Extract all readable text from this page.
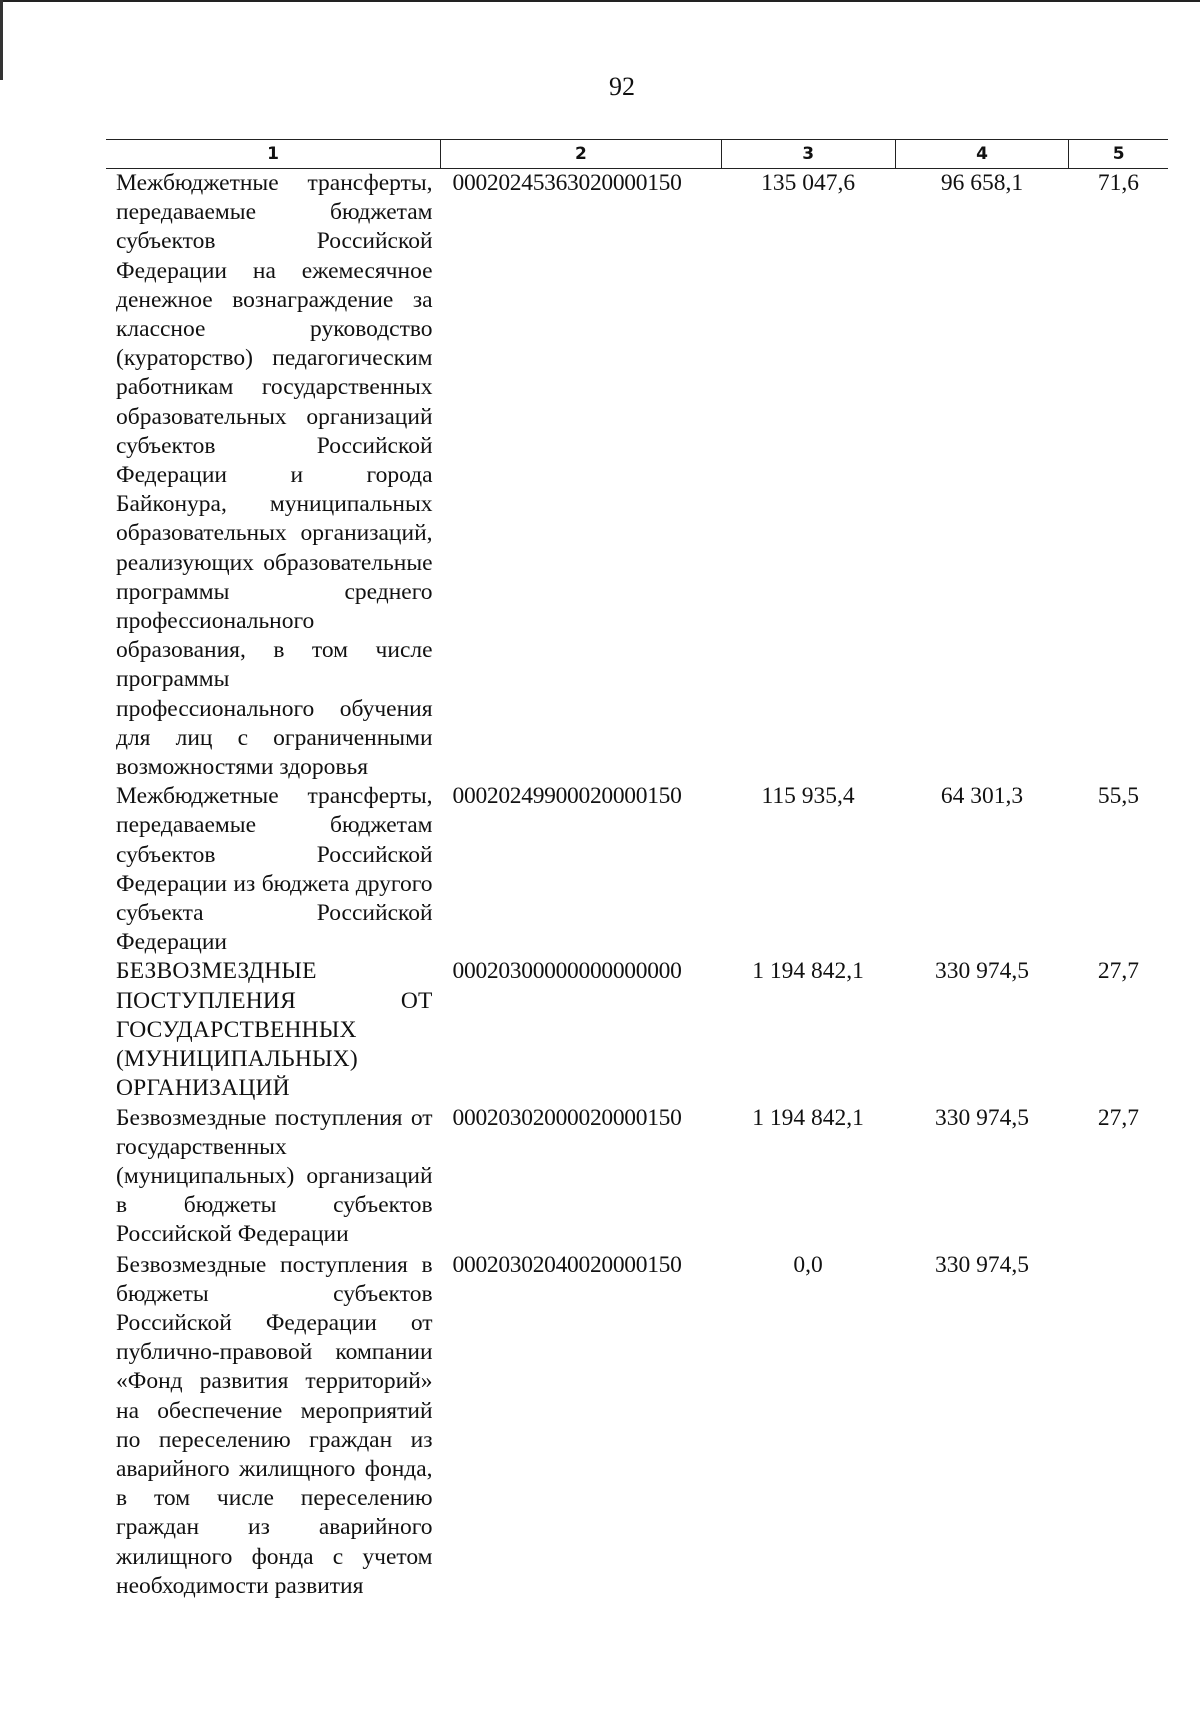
92
1	2	3	4	5
Межбюджетные трансферты, передаваемые бюджетам субъектов Российской Федерации на ежемесячное денежное вознаграждение за классное руководство (кураторство) педагогическим работникам государственных образовательных организаций субъектов Российской Федерации и города Байконура, муниципальных образовательных организаций, реализующих образовательные программы среднего профессионального образования, в том числе программы профессионального обучения для лиц с ограниченными возможностями здоровья	00020245363020000150	135 047,6	96 658,1	71,6
Межбюджетные трансферты, передаваемые бюджетам субъектов Российской Федерации из бюджета другого субъекта Российской Федерации	00020249900020000150	115 935,4	64 301,3	55,5
БЕЗВОЗМЕЗДНЫЕ ПОСТУПЛЕНИЯ ОТ ГОСУДАРСТВЕННЫХ (МУНИЦИПАЛЬНЫХ) ОРГАНИЗАЦИЙ	00020300000000000000	1 194 842,1	330 974,5	27,7
Безвозмездные поступления от государственных (муниципальных) организаций в бюджеты субъектов Российской Федерации	00020302000020000150	1 194 842,1	330 974,5	27,7
Безвозмездные поступления в бюджеты субъектов Российской Федерации от публично-правовой компании «Фонд развития территорий» на обеспечение мероприятий по переселению граждан из аварийного жилищного фонда, в том числе переселению граждан из аварийного жилищного фонда с учетом необходимости развития	00020302040020000150	0,0	330 974,5	
